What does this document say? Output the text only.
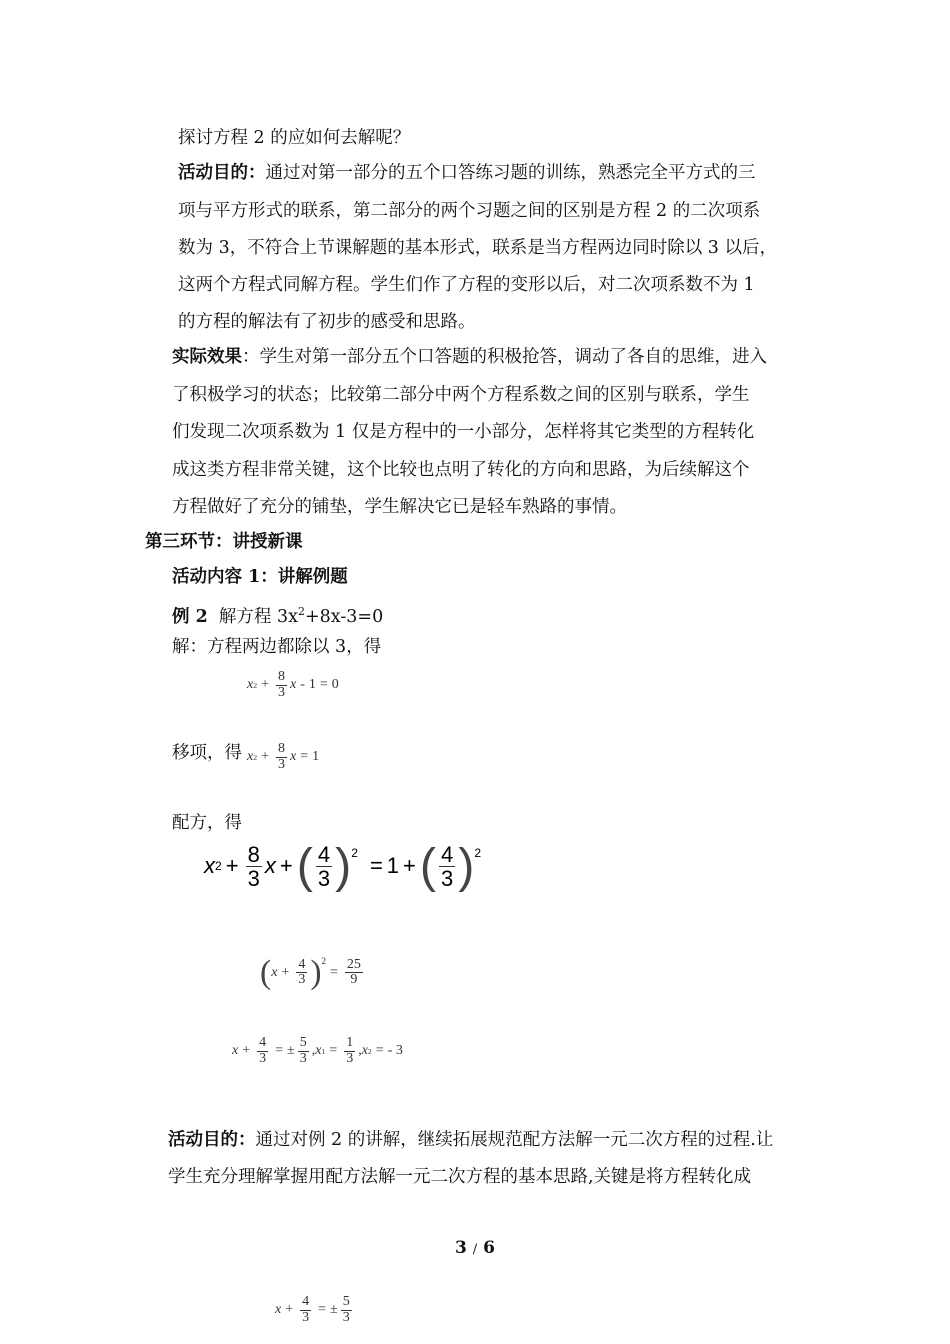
探讨方程 2 的应如何去解呢？
活动目的：通过对第一部分的五个口答练习题的训练，熟悉完全平方式的三
项与平方形式的联系，第二部分的两个习题之间的区别是方程 2 的二次项系
数为 3，不符合上节课解题的基本形式，联系是当方程两边同时除以 3 以后，
这两个方程式同解方程。学生们作了方程的变形以后，对二次项系数不为 1
的方程的解法有了初步的感受和思路。
实际效果：学生对第一部分五个口答题的积极抢答，调动了各自的思维，进入
了积极学习的状态；比较第二部分中两个方程系数之间的区别与联系，学生
们发现二次项系数为 1 仅是方程中的一小部分，怎样将其它类型的方程转化
成这类方程非常关键，这个比较也点明了转化的方向和思路，为后续解这个
方程做好了充分的铺垫，学生解决它已是轻车熟路的事情。
第三环节：讲授新课
活动内容 1：讲解例题
例 2 解方程 $3x^2+8x-3=0$
解：方程两边都除以 3，得
x $2 + \frac{8}{3}$ x - 1 = 0
移项，得 x $2 + \frac{8}{3}$ x = 1
配方，得
x $2 + \frac{8}{3}$ x + ( $\frac{4}{3}$ ) 2
= 1 + ( $\frac{4}{3}$ ) 2
( $x + \frac{4}{3}$ ) 2
= $\frac{25}{9}$
$x + \frac{4}{3}$ = ± $\frac{5}{3}$ , x $1 = \frac{1}{3}$ , x 2 = - 3
活动目的：通过对例 2 的讲解，继续拓展规范配方法解一元二次方程的过程.让
学生充分理解掌握用配方法解一元二次方程的基本思路,关键是将方程转化成
3 / 6
$x + \frac{4}{3}$ = ± $\frac{5}{3}$
